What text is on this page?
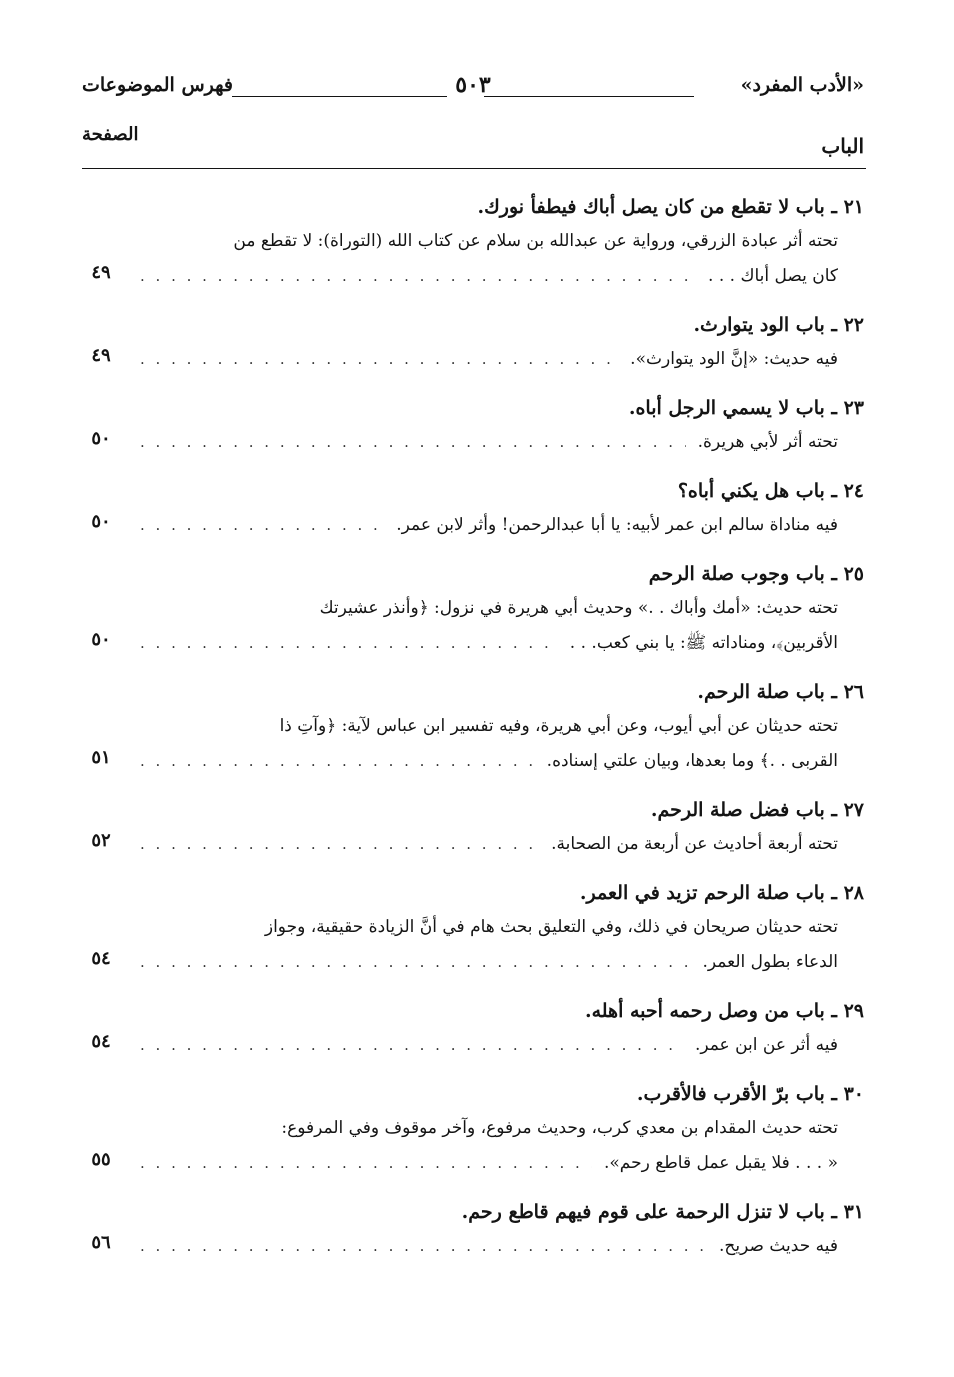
«الأدب المفرد»
٥٠٣
فهرس الموضوعات
الباب
الصفحة
٢١ ـ باب لا تقطع من كان يصل أباك فيطفأ نورك.
تحته أثر عبادة الزرقي، ورواية عن عبدالله بن سلام عن كتاب الله (التوراة): لا تقطع من
كان يصل أباك . . .
. . .
٤٩
٢٢ ـ باب الود يتوارث.
فيه حديث: «إنَّ الود يتوارث».
. . .
٤٩
٢٣ ـ باب لا يسمي الرجل أباه.
تحته أثر لأبي هريرة.
. . .
٥٠
٢٤ ـ باب هل يكني أباه؟
فيه مناداة سالم ابن عمر لأبيه: يا أبا عبدالرحمن! وأثر لابن عمر.
. . .
٥٠
٢٥ ـ باب وجوب صلة الرحم
تحته حديث: «أمك وأباك . .» وحديث أبي هريرة في نزول: ﴿وأنذر عشيرتك
الأقربين﴾، ومناداته ﷺ: يا بني كعب. . .
. . .
٥٠
٢٦ ـ باب صلة الرحم.
تحته حديثان عن أبي أيوب، وعن أبي هريرة، وفيه تفسير ابن عباس لآية: ﴿وآتِ ذا
القربى . .﴾ وما بعدها، وبيان علتي إسناده.
. . .
٥١
٢٧ ـ باب فضل صلة الرحم.
تحته أربعة أحاديث عن أربعة من الصحابة.
. . .
٥٢
٢٨ ـ باب صلة الرحم تزيد في العمر.
تحته حديثان صريحان في ذلك، وفي التعليق بحث هام في أنَّ الزيادة حقيقية، وجواز
الدعاء بطول العمر.
. . .
٥٤
٢٩ ـ باب من وصل رحمه أحبه أهله.
فيه أثر عن ابن عمر.
. . .
٥٤
٣٠ ـ باب برّ الأقرب فالأقرب.
تحته حديث المقدام بن معدي كرب، وحديث مرفوع، وآخر موقوف وفي المرفوع:
« . . . فلا يقبل عمل قاطع رحم».
. . .
٥٥
٣١ ـ باب لا تنزل الرحمة على قوم فيهم قاطع رحم.
فيه حديث صريح.
. . .
٥٦
